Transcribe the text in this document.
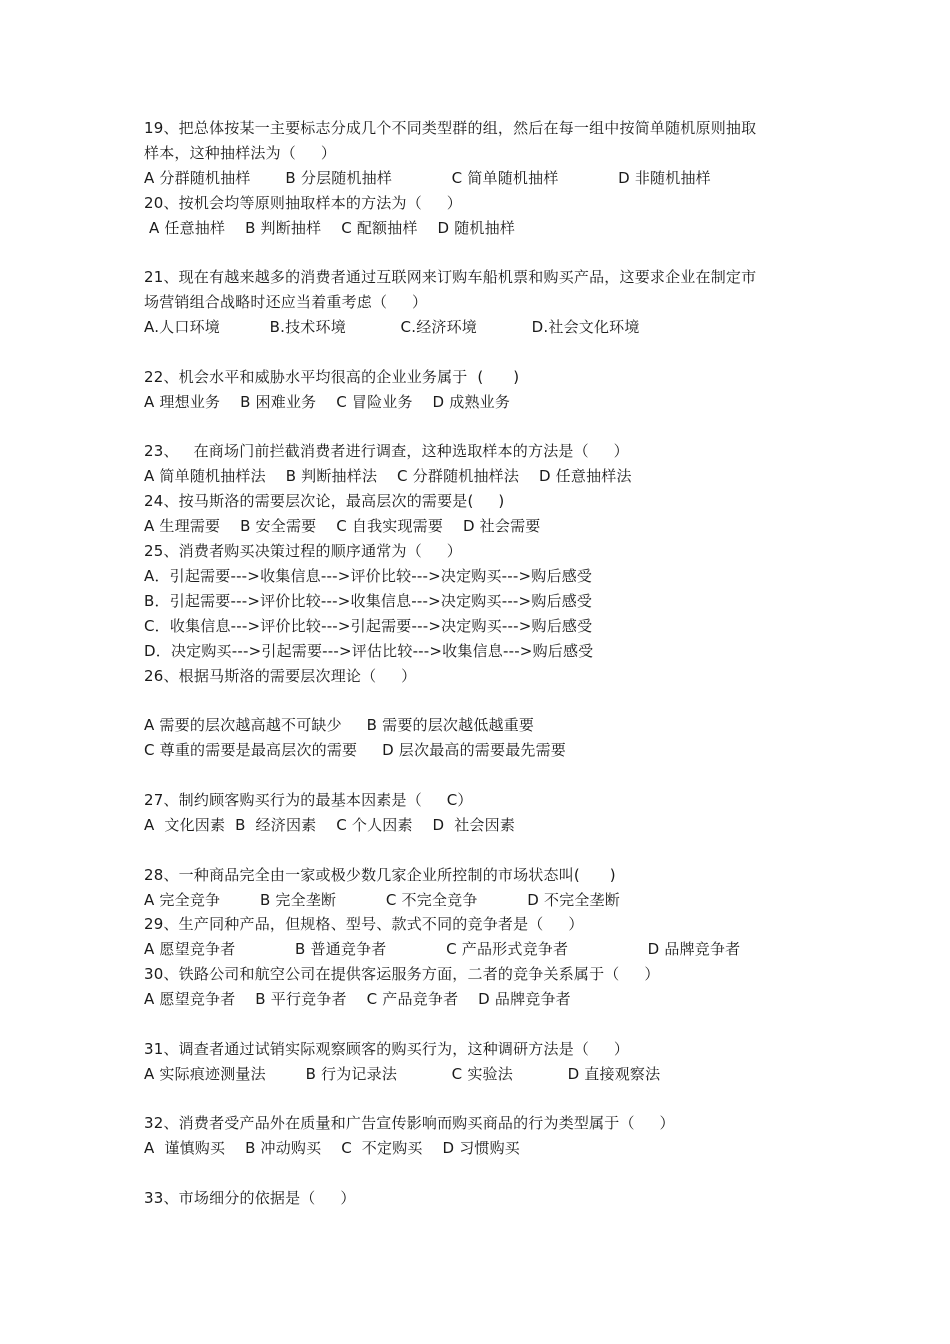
19、把总体按某一主要标志分成几个不同类型群的组，然后在每一组中按简单随机原则抽取
样本，这种抽样法为（     ）
A 分群随机抽样       B 分层随机抽样            C 简单随机抽样            D 非随机抽样
20、按机会均等原则抽取样本的方法为（     ）
A 任意抽样    B 判断抽样    C 配额抽样    D 随机抽样
21、现在有越来越多的消费者通过互联网来订购车船机票和购买产品，这要求企业在制定市
场营销组合战略时还应当着重考虑（     ）
A.人口环境          B.技术环境           C.经济环境           D.社会文化环境
22、机会水平和威胁水平均很高的企业业务属于  (      )
A 理想业务    B 困难业务    C 冒险业务    D 成熟业务
23、   在商场门前拦截消费者进行调查，这种选取样本的方法是（     ）
A 简单随机抽样法    B 判断抽样法    C 分群随机抽样法    D 任意抽样法
24、按马斯洛的需要层次论，最高层次的需要是(     )
A 生理需要    B 安全需要    C 自我实现需要    D 社会需要
25、消费者购买决策过程的顺序通常为（     ）
A．引起需要--->收集信息--->评价比较--->决定购买--->购后感受
B．引起需要--->评价比较--->收集信息--->决定购买--->购后感受
C．收集信息--->评价比较--->引起需要--->决定购买--->购后感受
D．决定购买--->引起需要--->评估比较--->收集信息--->购后感受
26、根据马斯洛的需要层次理论（     ）
A 需要的层次越高越不可缺少     B 需要的层次越低越重要
C 尊重的需要是最高层次的需要     D 层次最高的需要最先需要
27、制约顾客购买行为的最基本因素是（     C）
A  文化因素  B  经济因素    C 个人因素    D  社会因素
28、一种商品完全由一家或极少数几家企业所控制的市场状态叫(      )
A 完全竞争        B 完全垄断          C 不完全竞争          D 不完全垄断
29、生产同种产品，但规格、型号、款式不同的竞争者是（     ）
A 愿望竞争者            B 普通竞争者            C 产品形式竞争者                D 品牌竞争者
30、铁路公司和航空公司在提供客运服务方面，二者的竞争关系属于（     ）
A 愿望竞争者    B 平行竞争者    C 产品竞争者    D 品牌竞争者
31、调查者通过试销实际观察顾客的购买行为，这种调研方法是（     ）
A 实际痕迹测量法        B 行为记录法           C 实验法           D 直接观察法
32、消费者受产品外在质量和广告宣传影响而购买商品的行为类型属于（     ）
A  谨慎购买    B 冲动购买    C  不定购买    D 习惯购买
33、市场细分的依据是（     ）
